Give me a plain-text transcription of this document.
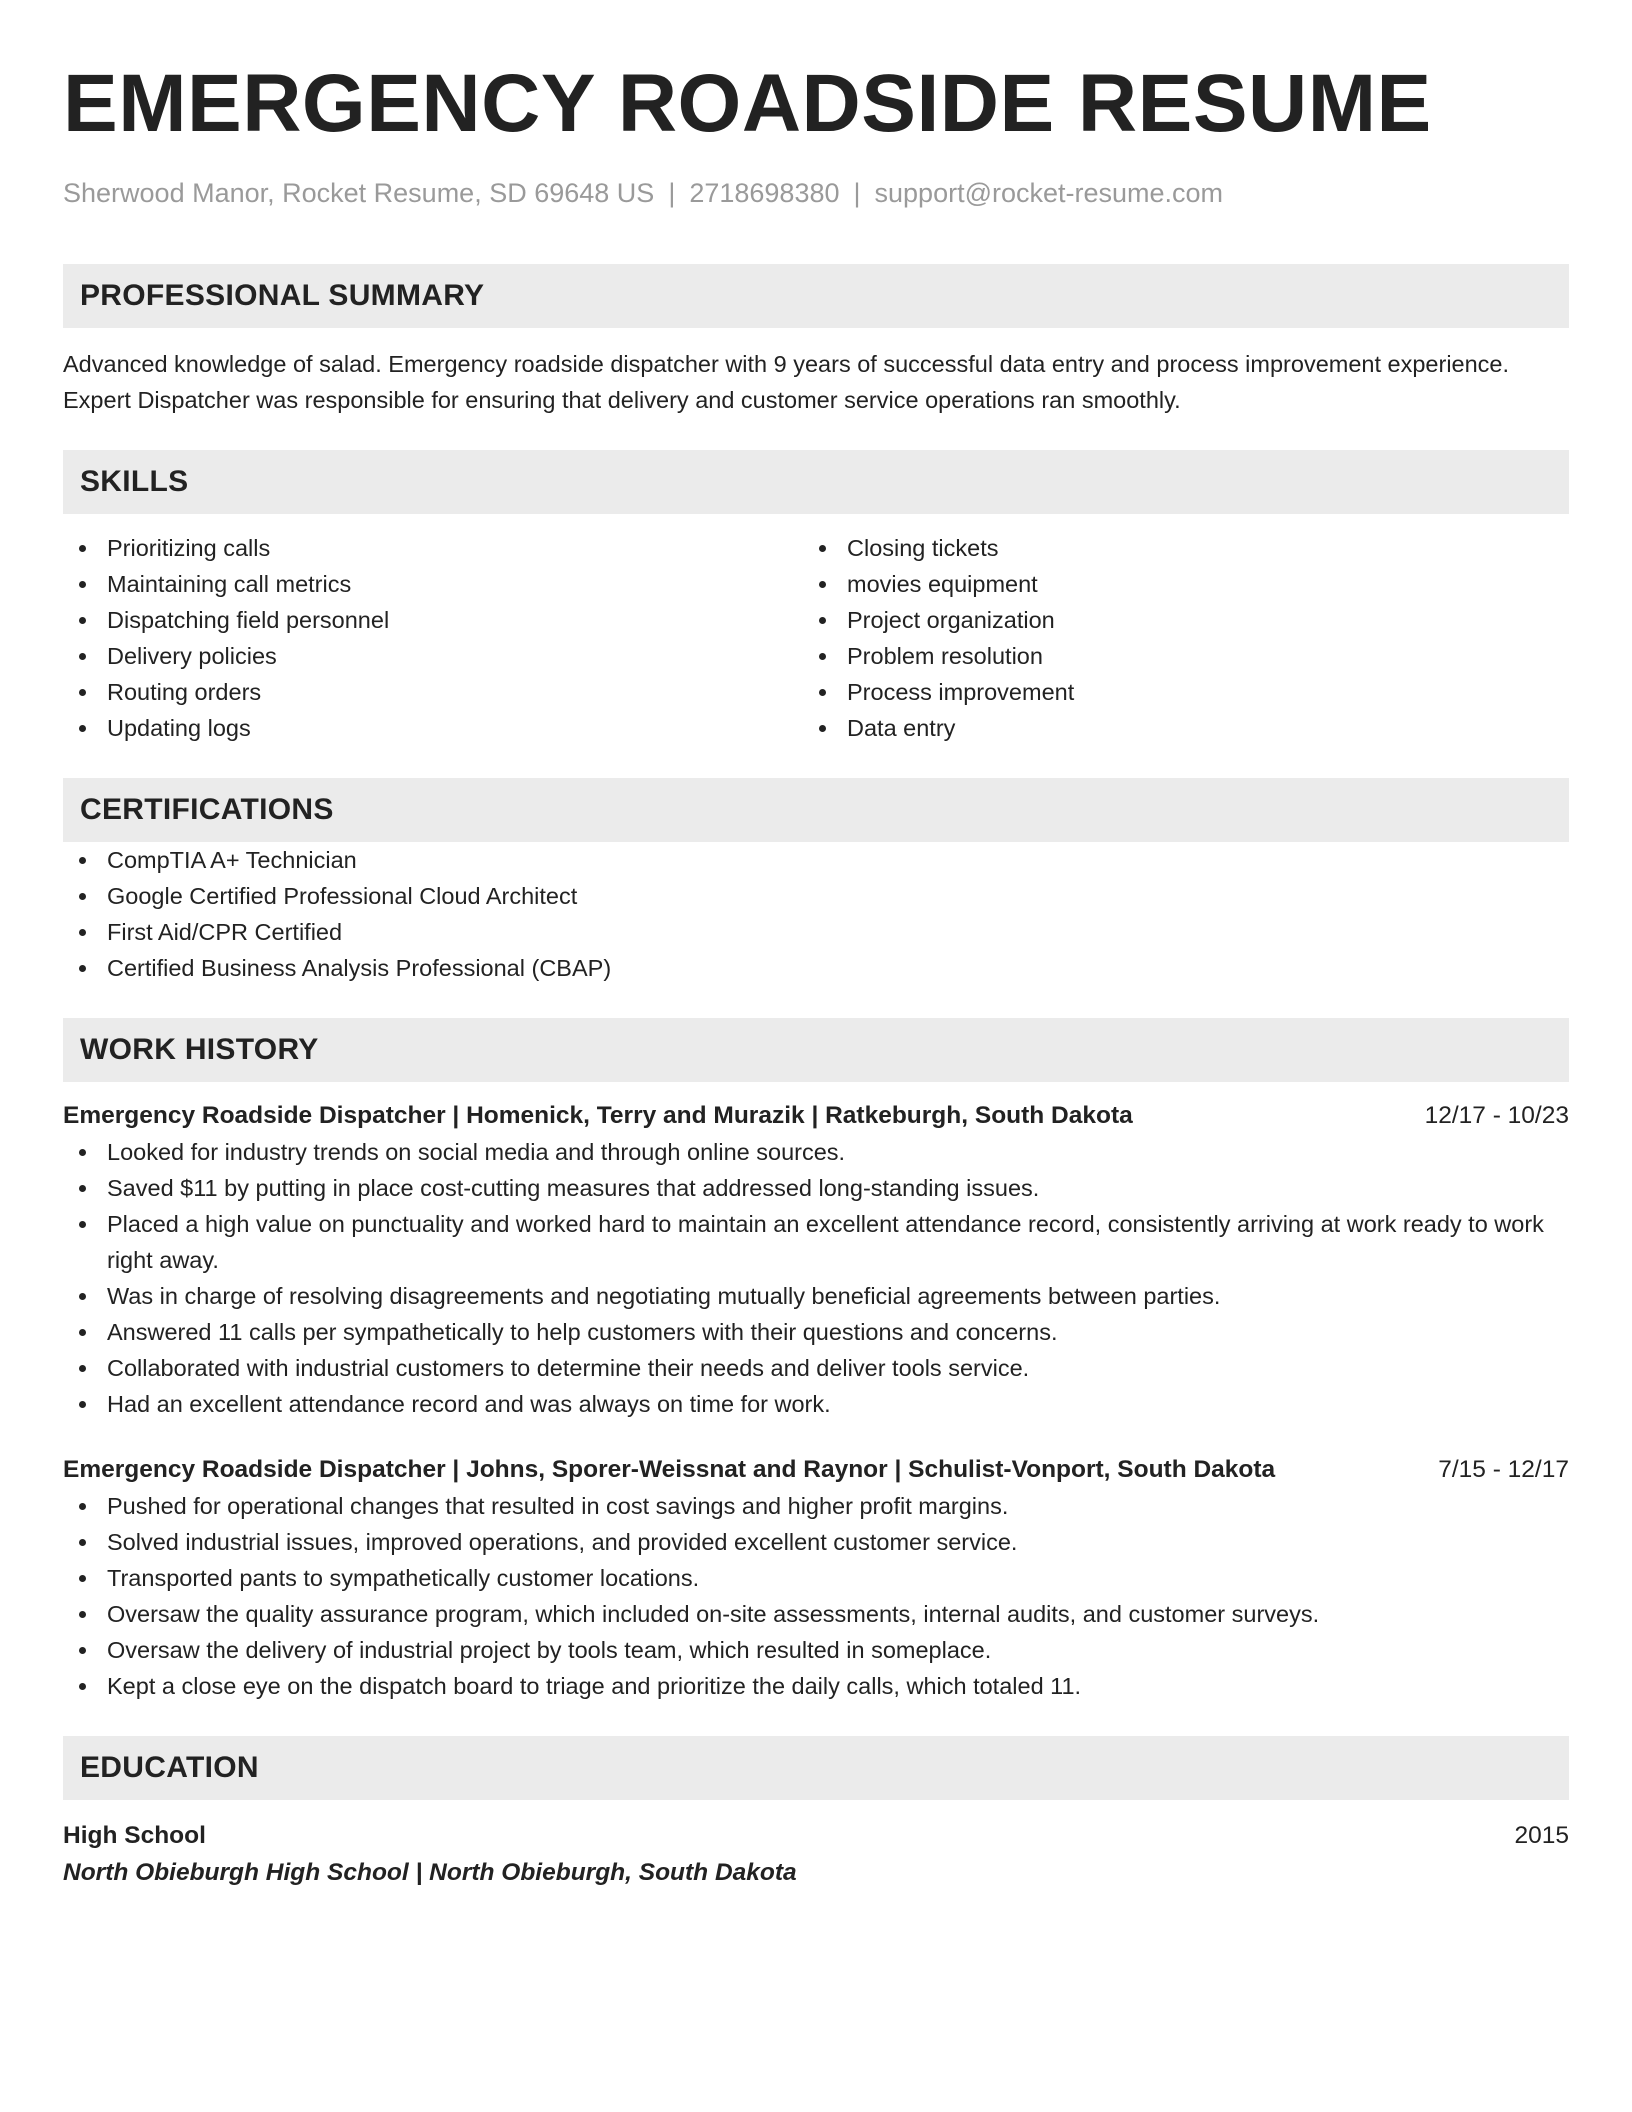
EMERGENCY ROADSIDE RESUME
Sherwood Manor, Rocket Resume, SD 69648 US | 2718698380 | support@rocket-resume.com
PROFESSIONAL SUMMARY
Advanced knowledge of salad. Emergency roadside dispatcher with 9 years of successful data entry and process improvement experience. Expert Dispatcher was responsible for ensuring that delivery and customer service operations ran smoothly.
SKILLS
Prioritizing calls
Maintaining call metrics
Dispatching field personnel
Delivery policies
Routing orders
Updating logs
Closing tickets
movies equipment
Project organization
Problem resolution
Process improvement
Data entry
CERTIFICATIONS
CompTIA A+ Technician
Google Certified Professional Cloud Architect
First Aid/CPR Certified
Certified Business Analysis Professional (CBAP)
WORK HISTORY
Emergency Roadside Dispatcher | Homenick, Terry and Murazik | Ratkeburgh, South Dakota	12/17 - 10/23
Looked for industry trends on social media and through online sources.
Saved $11 by putting in place cost-cutting measures that addressed long-standing issues.
Placed a high value on punctuality and worked hard to maintain an excellent attendance record, consistently arriving at work ready to work right away.
Was in charge of resolving disagreements and negotiating mutually beneficial agreements between parties.
Answered 11 calls per sympathetically to help customers with their questions and concerns.
Collaborated with industrial customers to determine their needs and deliver tools service.
Had an excellent attendance record and was always on time for work.
Emergency Roadside Dispatcher | Johns, Sporer-Weissnat and Raynor | Schulist-Vonport, South Dakota	7/15 - 12/17
Pushed for operational changes that resulted in cost savings and higher profit margins.
Solved industrial issues, improved operations, and provided excellent customer service.
Transported pants to sympathetically customer locations.
Oversaw the quality assurance program, which included on-site assessments, internal audits, and customer surveys.
Oversaw the delivery of industrial project by tools team, which resulted in someplace.
Kept a close eye on the dispatch board to triage and prioritize the daily calls, which totaled 11.
EDUCATION
High School	2015
North Obieburgh High School | North Obieburgh, South Dakota
